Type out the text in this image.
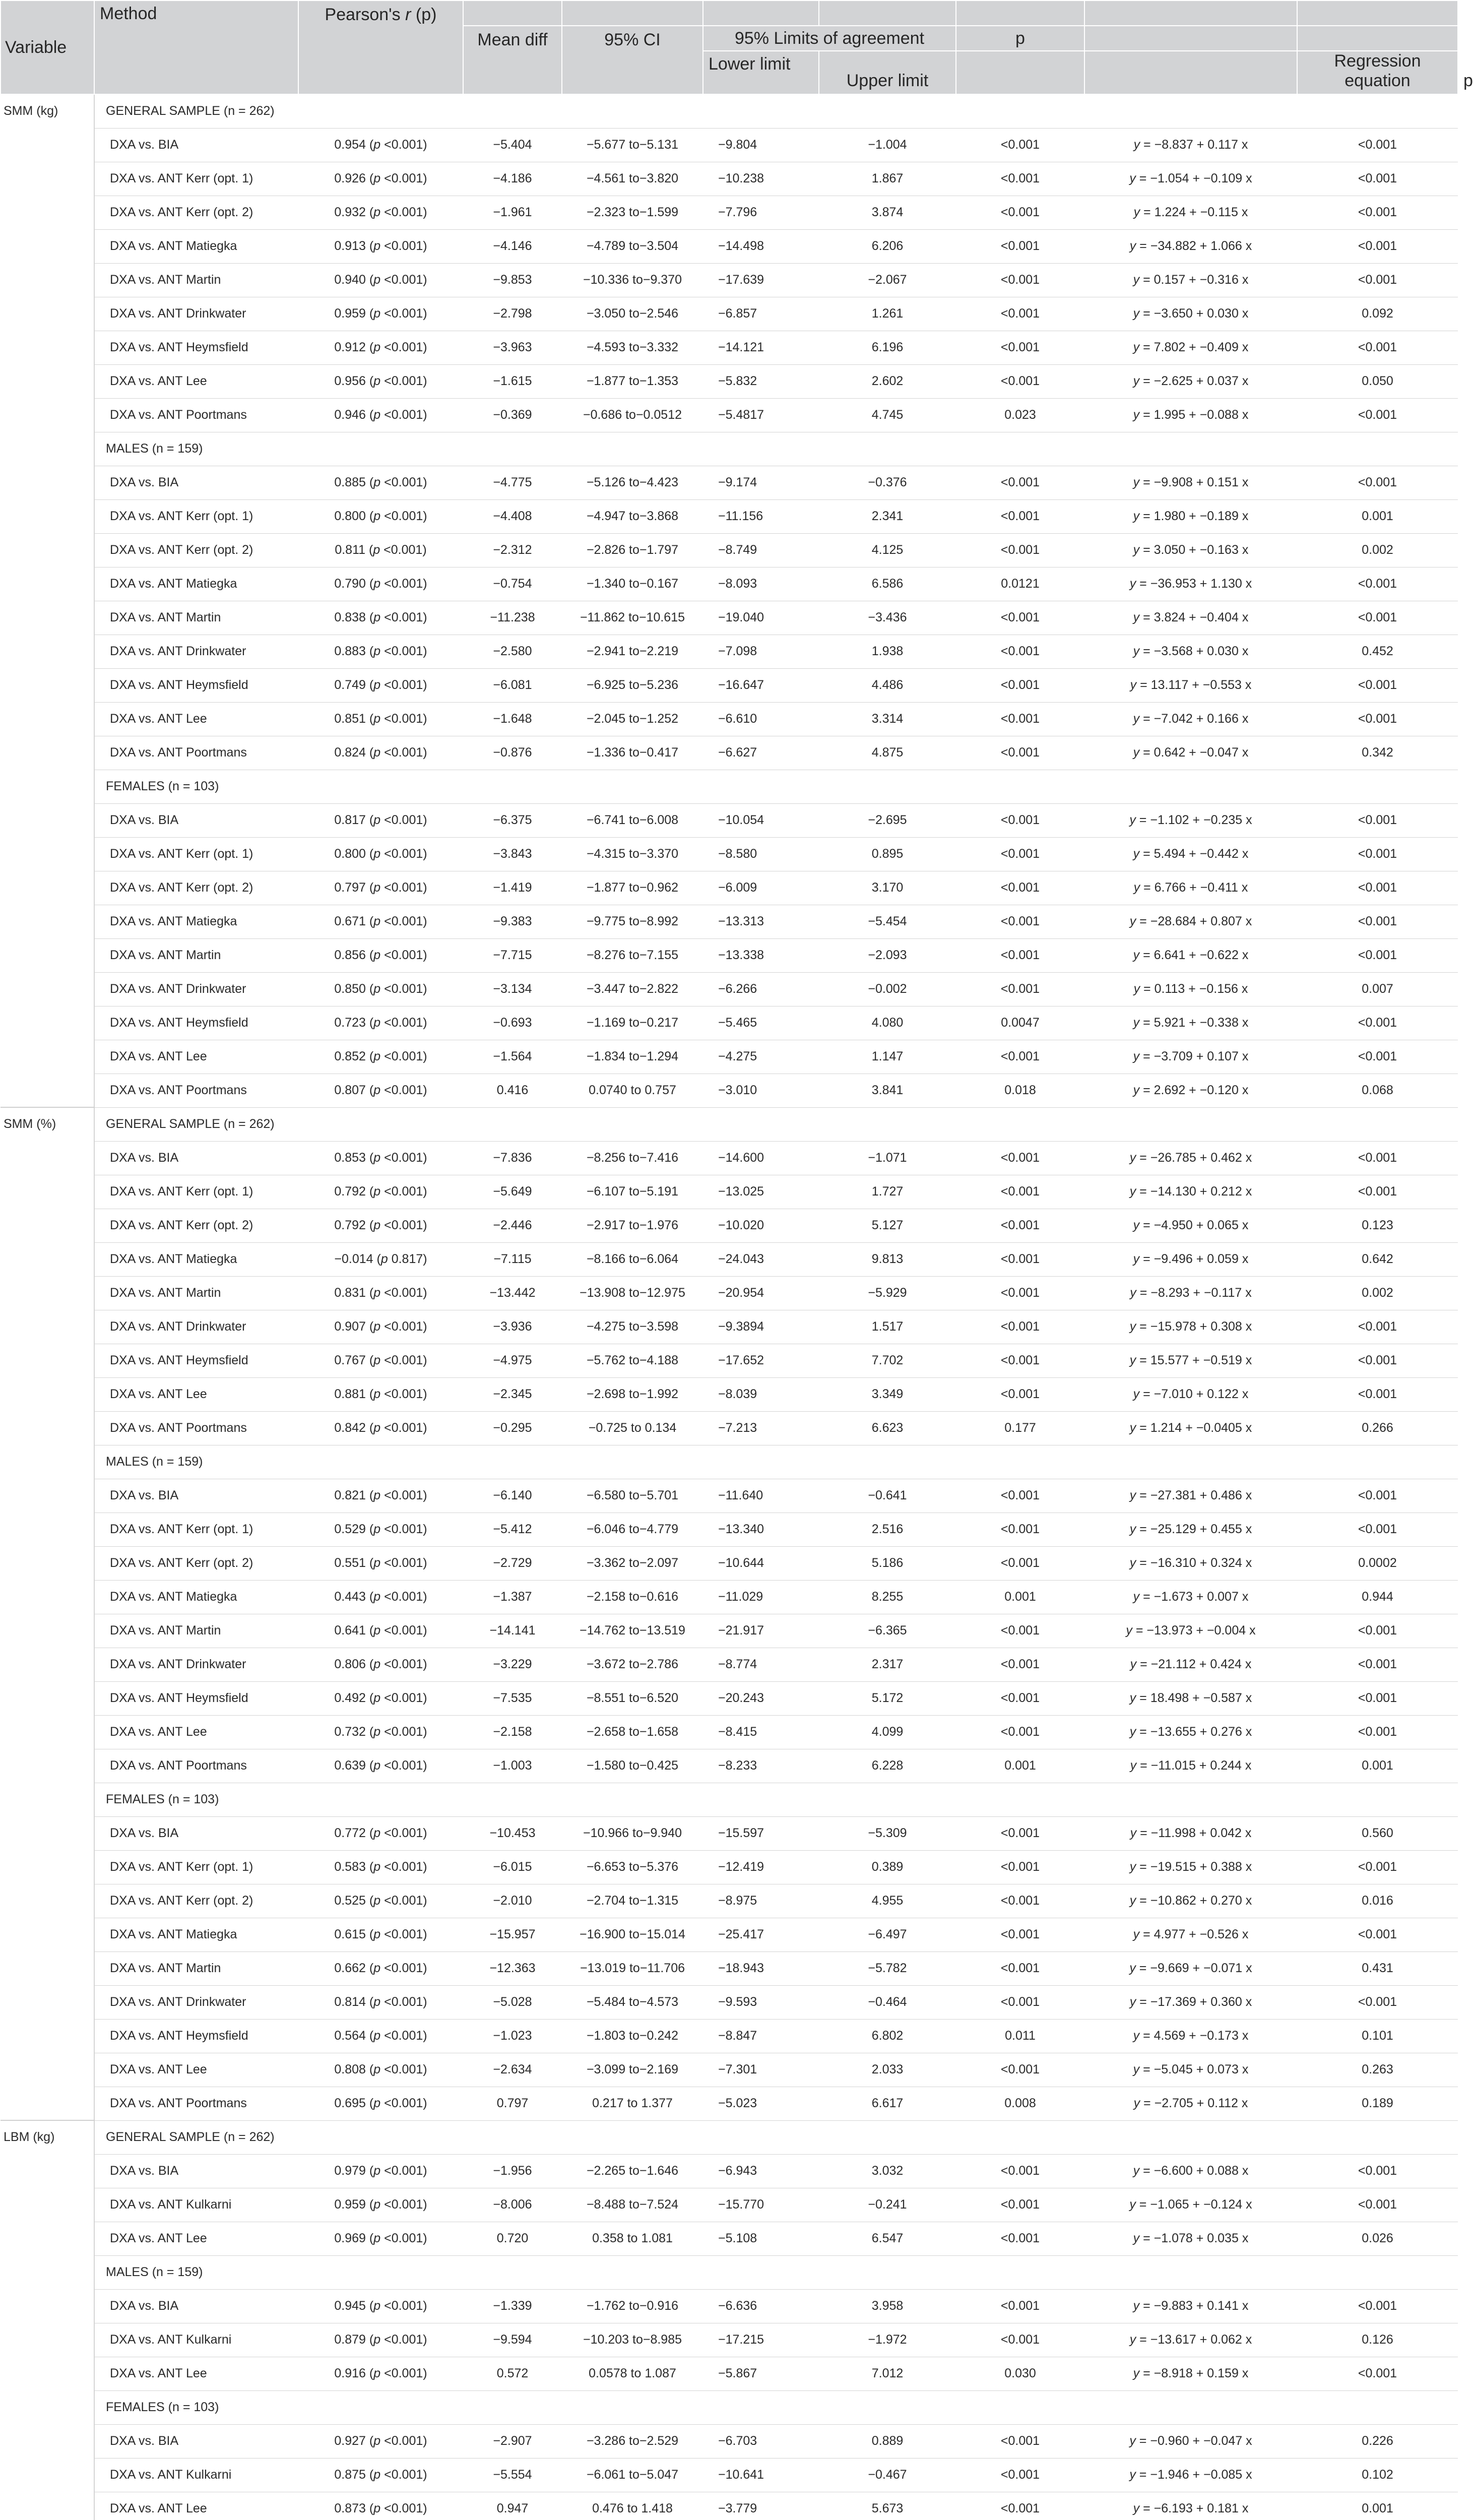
Variable	Method	Pearson's r (p)								
			Mean diff	95% CI	95% Limits of agreement		p			
					Lower limit	Upper limit			Regression equation	p
SMM (kg)	GENERAL SAMPLE (n = 262)									
	DXA vs. BIA	0.954 (p <0.001)	−5.404	−5.677 to−5.131	−9.804	−1.004	<0.001	y = −8.837 + 0.117 x	<0.001	
	DXA vs. ANT Kerr (opt. 1)	0.926 (p <0.001)	−4.186	−4.561 to−3.820	−10.238	1.867	<0.001	y = −1.054 + −0.109 x	<0.001	
	DXA vs. ANT Kerr (opt. 2)	0.932 (p <0.001)	−1.961	−2.323 to−1.599	−7.796	3.874	<0.001	y = 1.224 + −0.115 x	<0.001	
	DXA vs. ANT Matiegka	0.913 (p <0.001)	−4.146	−4.789 to−3.504	−14.498	6.206	<0.001	y = −34.882 + 1.066 x	<0.001	
	DXA vs. ANT Martin	0.940 (p <0.001)	−9.853	−10.336 to−9.370	−17.639	−2.067	<0.001	y = 0.157 + −0.316 x	<0.001	
	DXA vs. ANT Drinkwater	0.959 (p <0.001)	−2.798	−3.050 to−2.546	−6.857	1.261	<0.001	y = −3.650 + 0.030 x	0.092	
	DXA vs. ANT Heymsfield	0.912 (p <0.001)	−3.963	−4.593 to−3.332	−14.121	6.196	<0.001	y = 7.802 + −0.409 x	<0.001	
	DXA vs. ANT Lee	0.956 (p <0.001)	−1.615	−1.877 to−1.353	−5.832	2.602	<0.001	y = −2.625 + 0.037 x	0.050	
	DXA vs. ANT Poortmans	0.946 (p <0.001)	−0.369	−0.686 to−0.0512	−5.4817	4.745	0.023	y = 1.995 + −0.088 x	<0.001	
	MALES (n = 159)									
	DXA vs. BIA	0.885 (p <0.001)	−4.775	−5.126 to−4.423	−9.174	−0.376	<0.001	y = −9.908 + 0.151 x	<0.001	
	DXA vs. ANT Kerr (opt. 1)	0.800 (p <0.001)	−4.408	−4.947 to−3.868	−11.156	2.341	<0.001	y = 1.980 + −0.189 x	0.001	
	DXA vs. ANT Kerr (opt. 2)	0.811 (p <0.001)	−2.312	−2.826 to−1.797	−8.749	4.125	<0.001	y = 3.050 + −0.163 x	0.002	
	DXA vs. ANT Matiegka	0.790 (p <0.001)	−0.754	−1.340 to−0.167	−8.093	6.586	0.0121	y = −36.953 + 1.130 x	<0.001	
	DXA vs. ANT Martin	0.838 (p <0.001)	−11.238	−11.862 to−10.615	−19.040	−3.436	<0.001	y = 3.824 + −0.404 x	<0.001	
	DXA vs. ANT Drinkwater	0.883 (p <0.001)	−2.580	−2.941 to−2.219	−7.098	1.938	<0.001	y = −3.568 + 0.030 x	0.452	
	DXA vs. ANT Heymsfield	0.749 (p <0.001)	−6.081	−6.925 to−5.236	−16.647	4.486	<0.001	y = 13.117 + −0.553 x	<0.001	
	DXA vs. ANT Lee	0.851 (p <0.001)	−1.648	−2.045 to−1.252	−6.610	3.314	<0.001	y = −7.042 + 0.166 x	<0.001	
	DXA vs. ANT Poortmans	0.824 (p <0.001)	−0.876	−1.336 to−0.417	−6.627	4.875	<0.001	y = 0.642 + −0.047 x	0.342	
	FEMALES (n = 103)									
	DXA vs. BIA	0.817 (p <0.001)	−6.375	−6.741 to−6.008	−10.054	−2.695	<0.001	y = −1.102 + −0.235 x	<0.001	
	DXA vs. ANT Kerr (opt. 1)	0.800 (p <0.001)	−3.843	−4.315 to−3.370	−8.580	0.895	<0.001	y = 5.494 + −0.442 x	<0.001	
	DXA vs. ANT Kerr (opt. 2)	0.797 (p <0.001)	−1.419	−1.877 to−0.962	−6.009	3.170	<0.001	y = 6.766 + −0.411 x	<0.001	
	DXA vs. ANT Matiegka	0.671 (p <0.001)	−9.383	−9.775 to−8.992	−13.313	−5.454	<0.001	y = −28.684 + 0.807 x	<0.001	
	DXA vs. ANT Martin	0.856 (p <0.001)	−7.715	−8.276 to−7.155	−13.338	−2.093	<0.001	y = 6.641 + −0.622 x	<0.001	
	DXA vs. ANT Drinkwater	0.850 (p <0.001)	−3.134	−3.447 to−2.822	−6.266	−0.002	<0.001	y = 0.113 + −0.156 x	0.007	
	DXA vs. ANT Heymsfield	0.723 (p <0.001)	−0.693	−1.169 to−0.217	−5.465	4.080	0.0047	y = 5.921 + −0.338 x	<0.001	
	DXA vs. ANT Lee	0.852 (p <0.001)	−1.564	−1.834 to−1.294	−4.275	1.147	<0.001	y = −3.709 + 0.107 x	<0.001	
	DXA vs. ANT Poortmans	0.807 (p <0.001)	0.416	0.0740 to 0.757	−3.010	3.841	0.018	y = 2.692 + −0.120 x	0.068	
SMM (%)	GENERAL SAMPLE (n = 262)									
	DXA vs. BIA	0.853 (p <0.001)	−7.836	−8.256 to−7.416	−14.600	−1.071	<0.001	y = −26.785 + 0.462 x	<0.001	
	DXA vs. ANT Kerr (opt. 1)	0.792 (p <0.001)	−5.649	−6.107 to−5.191	−13.025	1.727	<0.001	y = −14.130 + 0.212 x	<0.001	
	DXA vs. ANT Kerr (opt. 2)	0.792 (p <0.001)	−2.446	−2.917 to−1.976	−10.020	5.127	<0.001	y = −4.950 + 0.065 x	0.123	
	DXA vs. ANT Matiegka	−0.014 (p 0.817)	−7.115	−8.166 to−6.064	−24.043	9.813	<0.001	y = −9.496 + 0.059 x	0.642	
	DXA vs. ANT Martin	0.831 (p <0.001)	−13.442	−13.908 to−12.975	−20.954	−5.929	<0.001	y = −8.293 + −0.117 x	0.002	
	DXA vs. ANT Drinkwater	0.907 (p <0.001)	−3.936	−4.275 to−3.598	−9.3894	1.517	<0.001	y = −15.978 + 0.308 x	<0.001	
	DXA vs. ANT Heymsfield	0.767 (p <0.001)	−4.975	−5.762 to−4.188	−17.652	7.702	<0.001	y = 15.577 + −0.519 x	<0.001	
	DXA vs. ANT Lee	0.881 (p <0.001)	−2.345	−2.698 to−1.992	−8.039	3.349	<0.001	y = −7.010 + 0.122 x	<0.001	
	DXA vs. ANT Poortmans	0.842 (p <0.001)	−0.295	−0.725 to 0.134	−7.213	6.623	0.177	y = 1.214 + −0.0405 x	0.266	
	MALES (n = 159)									
	DXA vs. BIA	0.821 (p <0.001)	−6.140	−6.580 to−5.701	−11.640	−0.641	<0.001	y = −27.381 + 0.486 x	<0.001	
	DXA vs. ANT Kerr (opt. 1)	0.529 (p <0.001)	−5.412	−6.046 to−4.779	−13.340	2.516	<0.001	y = −25.129 + 0.455 x	<0.001	
	DXA vs. ANT Kerr (opt. 2)	0.551 (p <0.001)	−2.729	−3.362 to−2.097	−10.644	5.186	<0.001	y = −16.310 + 0.324 x	0.0002	
	DXA vs. ANT Matiegka	0.443 (p <0.001)	−1.387	−2.158 to−0.616	−11.029	8.255	0.001	y = −1.673 + 0.007 x	0.944	
	DXA vs. ANT Martin	0.641 (p <0.001)	−14.141	−14.762 to−13.519	−21.917	−6.365	<0.001	y = −13.973 + −0.004 x	<0.001	
	DXA vs. ANT Drinkwater	0.806 (p <0.001)	−3.229	−3.672 to−2.786	−8.774	2.317	<0.001	y = −21.112 + 0.424 x	<0.001	
	DXA vs. ANT Heymsfield	0.492 (p <0.001)	−7.535	−8.551 to−6.520	−20.243	5.172	<0.001	y = 18.498 + −0.587 x	<0.001	
	DXA vs. ANT Lee	0.732 (p <0.001)	−2.158	−2.658 to−1.658	−8.415	4.099	<0.001	y = −13.655 + 0.276 x	<0.001	
	DXA vs. ANT Poortmans	0.639 (p <0.001)	−1.003	−1.580 to−0.425	−8.233	6.228	0.001	y = −11.015 + 0.244 x	0.001	
	FEMALES (n = 103)									
	DXA vs. BIA	0.772 (p <0.001)	−10.453	−10.966 to−9.940	−15.597	−5.309	<0.001	y = −11.998 + 0.042 x	0.560	
	DXA vs. ANT Kerr (opt. 1)	0.583 (p <0.001)	−6.015	−6.653 to−5.376	−12.419	0.389	<0.001	y = −19.515 + 0.388 x	<0.001	
	DXA vs. ANT Kerr (opt. 2)	0.525 (p <0.001)	−2.010	−2.704 to−1.315	−8.975	4.955	<0.001	y = −10.862 + 0.270 x	0.016	
	DXA vs. ANT Matiegka	0.615 (p <0.001)	−15.957	−16.900 to−15.014	−25.417	−6.497	<0.001	y = 4.977 + −0.526 x	<0.001	
	DXA vs. ANT Martin	0.662 (p <0.001)	−12.363	−13.019 to−11.706	−18.943	−5.782	<0.001	y = −9.669 + −0.071 x	0.431	
	DXA vs. ANT Drinkwater	0.814 (p <0.001)	−5.028	−5.484 to−4.573	−9.593	−0.464	<0.001	y = −17.369 + 0.360 x	<0.001	
	DXA vs. ANT Heymsfield	0.564 (p <0.001)	−1.023	−1.803 to−0.242	−8.847	6.802	0.011	y = 4.569 + −0.173 x	0.101	
	DXA vs. ANT Lee	0.808 (p <0.001)	−2.634	−3.099 to−2.169	−7.301	2.033	<0.001	y = −5.045 + 0.073 x	0.263	
	DXA vs. ANT Poortmans	0.695 (p <0.001)	0.797	0.217 to 1.377	−5.023	6.617	0.008	y = −2.705 + 0.112 x	0.189	
LBM (kg)	GENERAL SAMPLE (n = 262)									
	DXA vs. BIA	0.979 (p <0.001)	−1.956	−2.265 to−1.646	−6.943	3.032	<0.001	y = −6.600 + 0.088 x	<0.001	
	DXA vs. ANT Kulkarni	0.959 (p <0.001)	−8.006	−8.488 to−7.524	−15.770	−0.241	<0.001	y = −1.065 + −0.124 x	<0.001	
	DXA vs. ANT Lee	0.969 (p <0.001)	0.720	0.358 to 1.081	−5.108	6.547	<0.001	y = −1.078 + 0.035 x	0.026	
	MALES (n = 159)									
	DXA vs. BIA	0.945 (p <0.001)	−1.339	−1.762 to−0.916	−6.636	3.958	<0.001	y = −9.883 + 0.141 x	<0.001	
	DXA vs. ANT Kulkarni	0.879 (p <0.001)	−9.594	−10.203 to−8.985	−17.215	−1.972	<0.001	y = −13.617 + 0.062 x	0.126	
	DXA vs. ANT Lee	0.916 (p <0.001)	0.572	0.0578 to 1.087	−5.867	7.012	0.030	y = −8.918 + 0.159 x	<0.001	
	FEMALES (n = 103)									
	DXA vs. BIA	0.927 (p <0.001)	−2.907	−3.286 to−2.529	−6.703	0.889	<0.001	y = −0.960 + −0.047 x	0.226	
	DXA vs. ANT Kulkarni	0.875 (p <0.001)	−5.554	−6.061 to−5.047	−10.641	−0.467	<0.001	y = −1.946 + −0.085 x	0.102	
	DXA vs. ANT Lee	0.873 (p <0.001)	0.947	0.476 to 1.418	−3.779	5.673	<0.001	y = −6.193 + 0.181 x	0.001	
